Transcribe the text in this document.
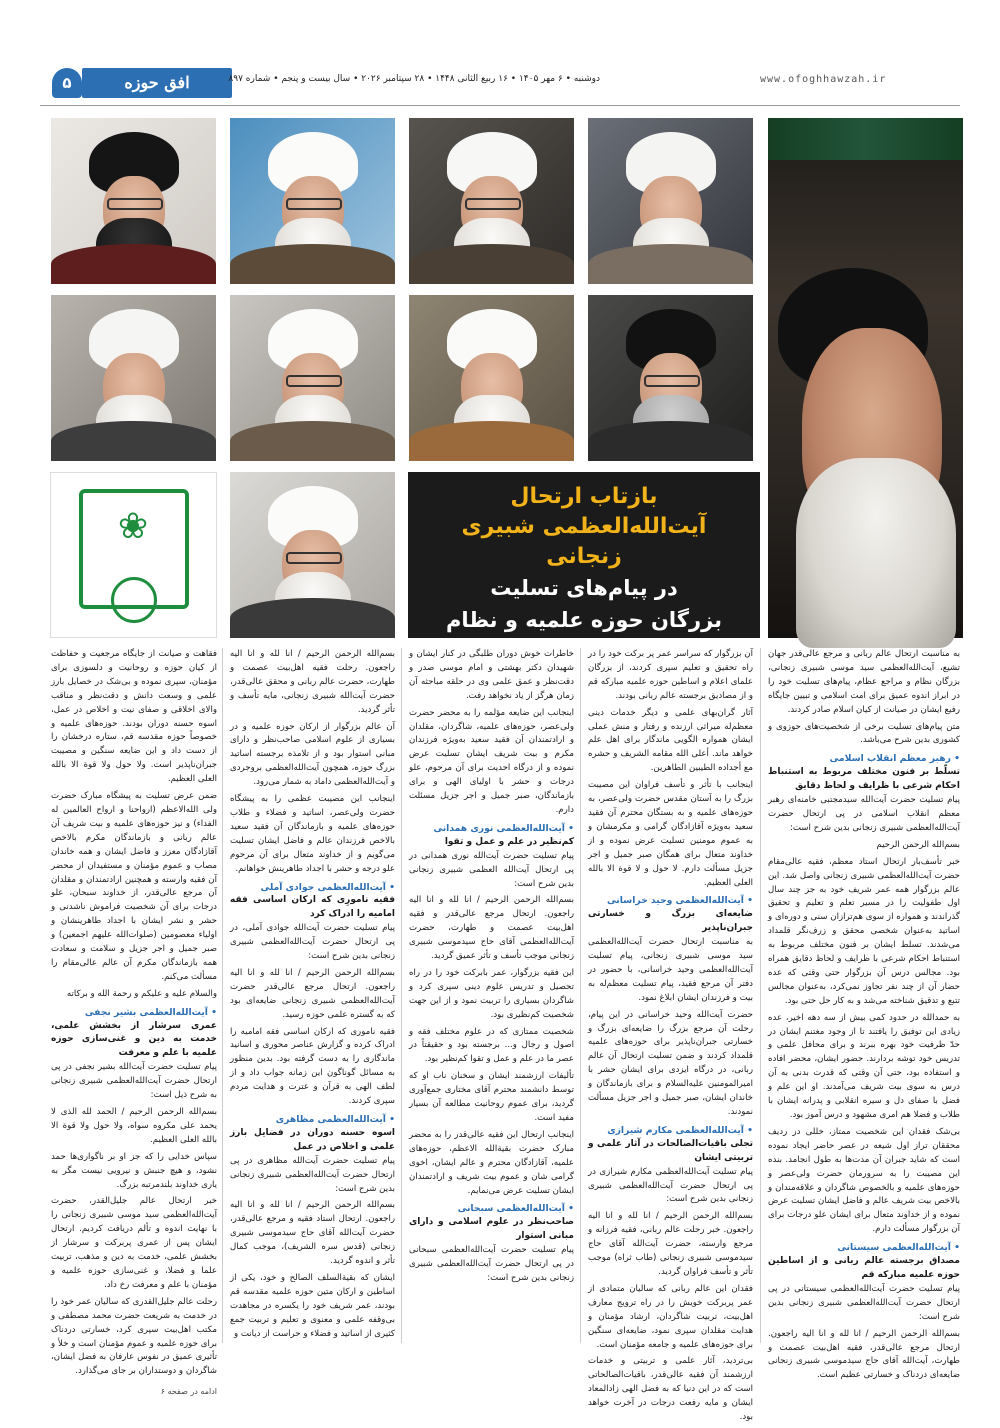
۵	افق حوزه	دوشنبه • ۶ مهر ۱۴۰۵ • ۱۶ ربیع الثانی ۱۴۴۸ • ۲۸ سپتامبر ۲۰۲۶ • سال بیست و پنجم • شماره ۸۹۷	www.ofoghhawzah.ir
❀
بازتاب ارتحال
آیت‌الله‌العظمی شبیری زنجانی
در پیام‌های تسلیت
بزرگان حوزه علمیه و نظام

به مناسبت ارتحال عالم ربانی و مرجع عالی‌قدر جهان تشیع، آیت‌الله‌العظمی سید موسی شبیری زنجانی، بزرگان نظام و مراجع عظام، پیام‌های تسلیت خود را در ابراز اندوه عمیق برای امت اسلامی و تبیین جایگاه رفیع ایشان در صیانت از کیان اسلام صادر کردند.

متن پیام‌های تسلیت برخی از شخصیت‌های حوزوی و کشوری بدین شرح می‌باشد.

• رهبر معظم انقلاب اسلامی
تسلّط بر فنون مختلف مربوط به استنباط احکام شرعی با ظرایف و لحاظ دقایق

پیام تسلیت حضرت آیت‌الله سیدمجتبی خامنه‌ای رهبر معظم انقلاب اسلامی در پی ارتحال حضرت آیت‌الله‌العظمی شبیری زنجانی بدین شرح است:

بسم‌الله الرحمن الرحیم

خبر تأسف‌بار ارتحال استاد معظم، فقیه عالی‌مقام حضرت آیت‌الله‌العظمی شبیری زنجانی واصل شد. این عالم بزرگوار همه عمر شریف خود به جز چند سال اول طفولیت را در مسیر تعلم و تعلیم و تحقیق گذراندند و همواره از سوی هم‌تراز‌ان سنی و دوره‌ای و اساتید به‌عنوان شخصی محقق و زرف‌نگر قلمداد می‌شدند. تسلط ایشان بر فنون مختلف مربوط به استنباط احکام شرعی با ظرایف و لحاظ دقایق همراه بود. مجالس درس آن بزرگوار حتی وقتی که عده حضار آن از چند نفر تجاوز نمی‌کرد، به‌عنوان مجالس تتبع و تدقیق شناخته می‌شد و به کار حل حتی بود.

به حمدالله در حدود کمی بیش از سه دهه اخیر، عده زیادی این توفیق را یافتند تا از وجود مغتنم ایشان در حدّ ظرفیت خود بهره ببرند و برای محافل علمی و تدریس خود توشه بردارند. حضور ایشان، محضر افاده و استفاده بود، حتی آن وقتی که قدرت بدنی به آن درس به سوی بیت شریف می‌آمدند. او این علم و فضل با صفای دل و سیره انقلابی و پدرانه ایشان با طلاب و فضلا هم امری مشهود و درس آموز بود.

بی‌شک فقدان این شخصیت ممتاز، خللی در ردیف محققان تراز اول شیعه در عصر حاضر ایجاد نموده است که شاید جبران آن مدت‌ها به طول انجامد. بنده این مصیبت را به سرورمان حضرت ولی‌عصر و حوزه‌های علمیه و بالخصوص شاگردان و علاقه‌مندان و بالاخص بیت شریف عالم و فاضل ایشان تسلیت عرض نموده و از خداوند متعال برای ایشان علو درجات برای آن بزرگوار مسألت دارم.

• آیت‌الله‌العظمی سیستانی
مصداق برجسته عالم ربانی و از اساطین حوزه علمیه مبارکه قم

پیام تسلیت حضرت آیت‌الله‌العظمی سیستانی در پی ارتحال حضرت آیت‌الله‌العظمی شبیری زنجانی بدین شرح است:

بسم‌الله الرحمن الرحیم / انا لله و انا الیه راجعون. ارتحال مرجع عالی‌قدر، فقیه اهل‌بیت عصمت و طهارت، آیت‌الله آقای حاج سیدموسی شبیری زنجانی ضایعه‌ای دردناک و خسارتی عظیم است.

آن بزرگوار که سراسر عمر پر برکت خود را در راه تحقیق و تعلیم سپری کردند، از بزرگان علمای اعلام و اساطین حوزه علمیه مبارکه قم و از مصادیق برجسته عالم ربانی بودند.

آثار گران‌بهای علمی و دیگر خدمات دینی معظم‌له میراثی ارزنده و رفتار و منش عملی ایشان همواره الگویی ماندگار برای اهل علم خواهد ماند. أعلی الله مقامه الشریف و حشره مع أجداده الطیبین الطاهرین.

اینجانب با تأثر و تأسف فراوان این مصیبت بزرگ را به آستان مقدس حضرت ولی‌عصر، به حوزه‌های علمیه و به بستگان محترم آن فقید سعید به‌ویژه آقازادگان گرامی و مکرمشان و به عموم مومنین تسلیت عرض نموده و از خداوند متعال برای همگان صبر جمیل و اجر جزیل مسألت دارم. لا حول و لا قوة الا بالله العلی العظیم.

• آیت‌الله‌العظمی وحید خراسانی
ضایعه‌ای بزرگ و خسارتی جبران‌ناپذیر

به مناسبت ارتحال حضرت آیت‌الله‌العظمی سید موسی شبیری زنجانی، پیام تسلیت آیت‌الله‌العظمی وحید خراسانی، با حضور در دفتر آن مرجع فقید، پیام تسلیت معظم‌له به بیت و فرزندان ایشان ابلاغ نمود.

حضرت آیت‌الله وحید خراسانی در این پیام، رحلت آن مرجع بزرگ را ضایعه‌ای بزرگ و خسارتی جبران‌ناپذیر برای حوزه‌های علمیه قلمداد کردند و ضمن تسلیت ارتحال آن عالم ربانی، در درگاه ایزدی برای ایشان حشر با امیرالمومنین علیه‌السلام و برای بازماندگان و خاندان ایشان، صبر جمیل و اجر جزیل مسألت نمودند.

• آیت‌الله‌العظمی مکارم شیرازی
تجلی باقیات‌الصالحات در آثار علمی و تربیتی ایشان

پیام تسلیت آیت‌الله‌العظمی مکارم شیرازی در پی ارتحال حضرت آیت‌الله‌العظمی شبیری زنجانی بدین شرح است:

بسم‌الله الرحمن الرحیم / انا لله و انا الیه راجعون. خبر رحلت عالم ربانی، فقیه فرزانه و مرجع وارسته، حضرت آیت‌الله آقای حاج سیدموسی شبیری زنجانی (طاب ثراه) موجب تأثر و تأسف فراوان گردید.

فقدان این عالم ربانی که سالیان متمادی از عمر پربرکت خویش را در راه ترویج معارف اهل‌بیت، تربیت شاگردان، ارشاد مؤمنان و هدایت مقلدان سپری نمود، ضایعه‌ای سنگین برای حوزه‌های علمیه و جامعه مؤمنان است.

بی‌تردید، آثار علمی و تربیتی و خدمات ارزشمند آن فقیه عالی‌قدر، باقیات‌الصالحاتی است که در این دنیا که به فضل الهی زادالمعاد ایشان و مایه رفعت درجات در آخرت خواهد بود.

خاطرات خوش دوران طلبگی در کنار ایشان و شهیدان دکتر بهشتی و امام موسی صدر و دقت‌نظر و عمق علمی وی در حلقه مباحثه آن زمان هرگز از یاد نخواهد رفت.

اینجانب این ضایعه مؤلمه را به محضر حضرت ولی‌عصر، حوزه‌های علمیه، شاگردان، مقلدان و ارادتمندان آن فقید سعید به‌ویژه فرزندان مکرم و بیت شریف ایشان تسلیت عرض نموده و از درگاه احدیت برای آن مرحوم، علو درجات و حشر با اولیای الهی و برای بازماندگان، صبر جمیل و اجر جزیل مسئلت دارم.

• آیت‌الله‌العظمی نوری همدانی
کم‌نظیر در علم و عمل و تقوا

پیام تسلیت حضرت آیت‌الله نوری همدانی در پی ارتحال آیت‌الله العظمی شبیری زنجانی بدین شرح است:

بسم‌الله الرحمن الرحیم / انا لله و انا الیه راجعون. ارتحال مرجع عالی‌قدر و فقیه اهل‌بیت عصمت و طهارت، حضرت آیت‌الله‌العظمی آقای حاج سیدموسی شبیری زنجانی موجب تأسف و تأثر عمیق گردید.

این فقیه بزرگوار، عمر بابرکت خود را در راه تحصیل و تدریس علوم دینی سپری کرد و شاگردان بسیاری را تربیت نمود و از این جهت شخصیت کم‌نظیری بود.

شخصیت ممتازی که در علوم مختلف فقه و اصول و رجال و... برجسته بود و حقیقتاً در عصر ما در علم و عمل و تقوا کم‌نظیر بود.

تألیفات ارزشمند ایشان و سخنان ناب او که توسط دانشمند محترم آقای مختاری جمع‌آوری گردید، برای عموم روحانیت مطالعه آن بسیار مفید است.

اینجانب ارتحال این فقیه عالی‌قدر را به محضر مبارک حضرت بقیة‌الله الاعظم، حوزه‌های علمیه، آقازادگان محترم و عالم ایشان، اخوی گرامی شان و عموم بیت شریف و ارادتمندان ایشان تسلیت عرض می‌نمایم.

• آیت‌الله‌العظمی سبحانی
صاحب‌نظر در علوم اسلامی و دارای مبانی استوار

پیام تسلیت حضرت آیت‌الله‌العظمی سبحانی در پی ارتحال حضرت آیت‌الله‌العظمی شبیری زنجانی بدین شرح است:

بسم‌الله الرحمن الرحیم / انا لله و انا الیه راجعون. رحلت فقیه اهل‌بیت عصمت و طهارت، حضرت عالم ربانی و محقق عالی‌قدر، حضرت آیت‌الله شبیری زنجانی، مایه تأسف و تأثر گردید.

آن عالم بزرگوار از ارکان حوزه علمیه و در بسیاری از علوم اسلامی صاحب‌نظر و دارای مبانی استوار بود و از تلامذه برجسته اساتید بزرگ حوزه، همچون آیت‌الله‌العظمی بروجردی و آیت‌الله‌العظمی داماد به شمار می‌رود.

اینجانب این مصیبت عظمی را به پیشگاه حضرت ولی‌عصر، اساتید و فضلاء و طلاب حوزه‌های علمیه و بازماندگان آن فقید سعید بالاخص فرزندان عالم و فاضل ایشان تسلیت می‌گویم و از خداوند متعال برای آن مرحوم علو درجه و حشر با اجداد طاهرینش خواهانم.

• آیت‌الله‌العظمی جوادی آملی
فقیه نامورِی که ارکان اساسی فقه امامیه را ادراک کرد

پیام تسلیت حضرت آیت‌الله جوادی آملی، در پی ارتحال حضرت آیت‌الله‌العظمی شبیری زنجانی بدین شرح است:

بسم‌الله الرحمن الرحیم / انا لله و انا الیه راجعون. ارتحال مرجع عالی‌قدر حضرت آیت‌الله‌العظمی شبیری زنجانی ضایعه‌ای بود که به گستره علمی حوزه رسید.

فقیه ناموری که ارکان اساسی فقه امامیه را ادراک کرده و گزارش عناصر محوری و اسانید ماندگاری را به دست گرفته بود. بدین منظور به مسائل گوناگون این زمانه جواب داد و از لطف الهی به قرآن و عترت و هدایت مردم سپری کردند.

• آیت‌الله‌العظمی مظاهری
اسوه حسنه دوران در فضایل بارز علمی و اخلاص در عمل

پیام تسلیت حضرت آیت‌الله مظاهری در پی ارتحال حضرت آیت‌الله‌العظمی شبیری زنجانی بدین شرح است:

بسم‌الله الرحمن الرحیم / انا لله و انا الیه راجعون. ارتحال استاد فقیه و مرجع عالی‌قدر، حضرت آیت‌الله آقای حاج سیدموسی شبیری زنجانی (قدس سره الشریف)، موجب کمال تأثر و اندوه گردید.

ایشان که بقیة‌السلف الصالح و خود، یکی از اساطین و ارکان متین حوزه علمیه مقدسه قم بودند، عمر شریف خود را یکسره در مجاهدت بی‌وقفه علمی و معنوی و تعلیم و تربیت جمع کثیری از اساتید و فضلاء و حراست از دیانت و

فقاهت و صیانت از جایگاه مرجعیت و حفاظت از کیان حوزه و روحانیت و دلسوزی برای مؤمنان، سپری نموده و بی‌شک در خصایل بارز علمی و وسعت دانش و دقت‌نظر و مناقب والای اخلاقی و صفای نیت و اخلاص در عمل، اسوه حسنه دوران بودند. حوزه‌های علمیه و خصوصاً حوزه مقدسه قم، ستاره درخشان را از دست داد و این ضایعه سنگین و مصیبت جبران‌ناپذیر است. ولا حول ولا قوة الا بالله العلی العظیم.

ضمن عرض تسلیت به پیشگاه مبارک حضرت ولی الله‌الاعظم (ارواحنا و ارواح العالمین له الفداء) و نیز حوزه‌های علمیه و بیت شریف آن عالم ربانی و بازماندگان مکرم بالاخص آقازادگان معزز و فاضل ایشان و همه خاندان مصاب و عموم مؤمنان و مستفیدان از محضر آن فقیه وارسته و همچنین ارادتمندان و مقلدان آن مرجع عالی‌قدر، از خداوند سبحان، علو درجات برای آن شخصیت فراموش ناشدنی و حشر و نشر ایشان با اجداد طاهرینشان و اولیاء معصومین (صلوات‌الله علیهم اجمعین) و صبر جمیل و اجر جزیل و سلامت و سعادت همه بازماندگان مکرم آن عالم عالی‌مقام را مسألت می‌کنم.

والسلام علیه و علیکم و رحمة الله و برکاته

• آیت‌الله‌العظمی بشیر نجفی
عمری سرشار از بخشش علمی، خدمت به دین و غنی‌سازی حوزه علمیه با علم و معرفت

پیام تسلیت حضرت آیت‌الله بشیر نجفی در پی ارتحال حضرت آیت‌الله‌العظمی شبیری زنجانی به شرح ذیل است:

بسم‌الله الرحمن الرحیم / الحمد لله الذی لا یحمد علی مکروه سواه، ولا حول ولا قوة الا بالله العلی العظیم.

سپاس خدایی را که جز او بر ناگواری‌ها حمد نشود، و هیچ جنبش و نیرویی نیست مگر به یاری خداوند بلندمرتبه بزرگ.

خبر ارتحال عالم جلیل‌القدر، حضرت آیت‌الله‌العظمی سید موسی شبیری زنجانی را با نهایت اندوه و تألم دریافت کردیم. ارتحال ایشان پس از عمری پربرکت و سرشار از بخشش علمی، خدمت به دین و مذهب، تربیت علما و فضلا، و غنی‌سازی حوزه علمیه و مؤمنان با علم و معرفت رخ داد.

رحلت عالم جلیل‌القدری که سالیان عمر خود را در خدمت به شریعت حضرت محمد مصطفی و مکتب اهل‌بیت سپری کرد، خسارتی دردناک برای حوزه علمیه و عموم مؤمنان است و خلأ و تأثیری عمیق در نفوس عارفان به فضل ایشان، شاگردان و دوستداران بر جای می‌گذارد.

ادامه در صفحه ۶
